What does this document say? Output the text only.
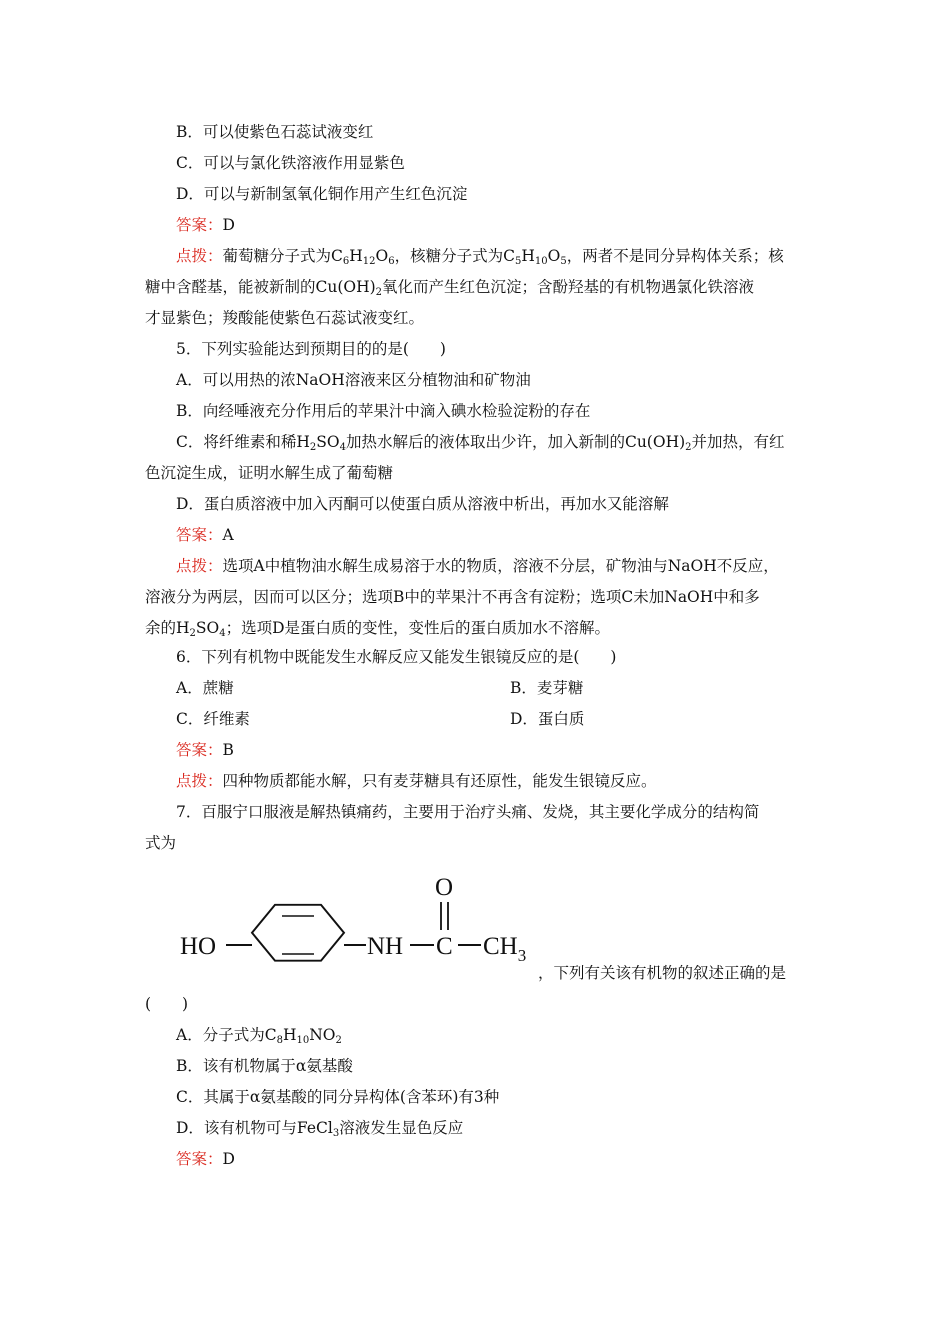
B．可以使紫色石蕊试液变红
C．可以与氯化铁溶液作用显紫色
D．可以与新制氢氧化铜作用产生红色沉淀
答案：D
点拨：葡萄糖分子式为$C_6H_{12}O_6$，核糖分子式为$C_5H_{10}O_5$，两者不是同分异构体关系；核
糖中含醛基，能被新制的$Cu(OH)_2$氧化而产生红色沉淀；含酚羟基的有机物遇氯化铁溶液
才显紫色；羧酸能使紫色石蕊试液变红。
5．下列实验能达到预期目的的是(　　)
A．可以用热的浓NaOH溶液来区分植物油和矿物油
B．向经唾液充分作用后的苹果汁中滴入碘水检验淀粉的存在
C．将纤维素和稀$H_2SO_4$加热水解后的液体取出少许，加入新制的$Cu(OH)_2$并加热，有红
色沉淀生成，证明水解生成了葡萄糖
D．蛋白质溶液中加入丙酮可以使蛋白质从溶液中析出，再加水又能溶解
答案：A
点拨：选项A中植物油水解生成易溶于水的物质，溶液不分层，矿物油与NaOH不反应，
溶液分为两层，因而可以区分；选项B中的苹果汁不再含有淀粉；选项C未加NaOH中和多
余的$H_2SO_4$；选项D是蛋白质的变性，变性后的蛋白质加水不溶解。
6．下列有机物中既能发生水解反应又能发生银镜反应的是(　　)
A．蔗糖	B．麦芽糖
C．纤维素	D．蛋白质
答案：B
点拨：四种物质都能水解，只有麦芽糖具有还原性，能发生银镜反应。
7．百服宁口服液是解热镇痛药，主要用于治疗头痛、发烧，其主要化学成分的结构简
式为
HO	NH C
O
$CH_3$
，下列有关该有机物的叙述正确的是
(　　)
A．分子式为$C_8H_{10}NO_2$
B．该有机物属于α氨基酸
C．其属于α氨基酸的同分异构体(含苯环)有3种
D．该有机物可与FeCl$_3$溶液发生显色反应
答案：D
